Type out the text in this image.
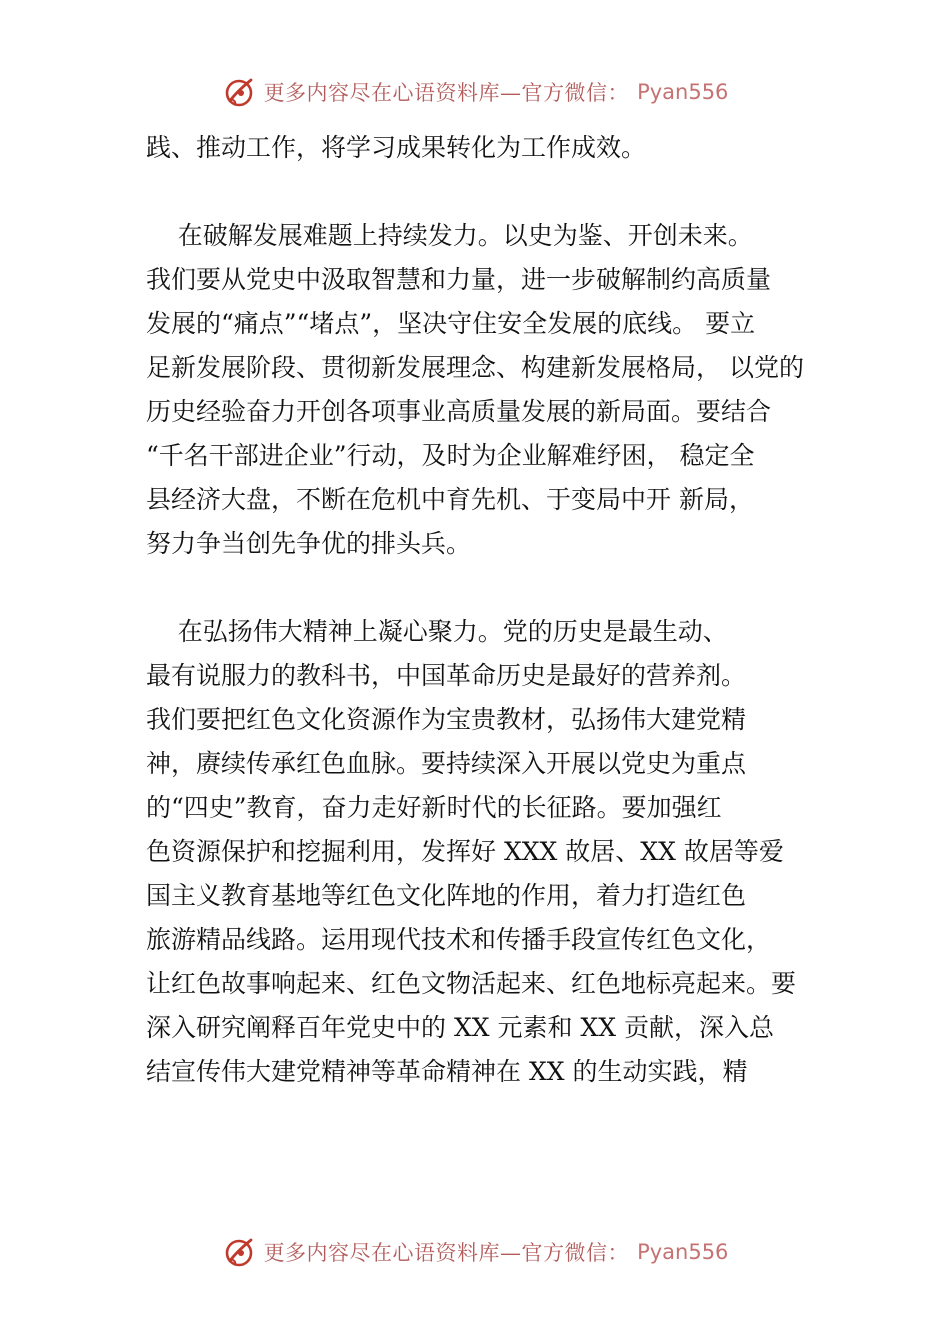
更多内容尽在心语资料库—官方微信： Pyan556
践、推动工作，将学习成果转化为工作成效。
在破解发展难题上持续发力。以史为鉴、开创未来。
我们要从党史中汲取智慧和力量，进一步破解制约高质量
发展的“痛点”“堵点”，坚决守住安全发展的底线。 要立
足新发展阶段、贯彻新发展理念、构建新发展格局， 以党的
历史经验奋力开创各项事业高质量发展的新局面。要结合
“千名干部进企业”行动，及时为企业解难纾困， 稳定全
县经济大盘，不断在危机中育先机、于变局中开 新局，
努力争当创先争优的排头兵。
在弘扬伟大精神上凝心聚力。党的历史是最生动、
最有说服力的教科书，中国革命历史是最好的营养剂。
我们要把红色文化资源作为宝贵教材，弘扬伟大建党精
神，赓续传承红色血脉。要持续深入开展以党史为重点
的“四史”教育，奋力走好新时代的长征路。要加强红
色资源保护和挖掘利用，发挥好 XXX 故居、XX 故居等爱
国主义教育基地等红色文化阵地的作用，着力打造红色
旅游精品线路。运用现代技术和传播手段宣传红色文化，
让红色故事响起来、红色文物活起来、红色地标亮起来。要
深入研究阐释百年党史中的 XX 元素和 XX 贡献，深入总
结宣传伟大建党精神等革命精神在 XX 的生动实践，精
更多内容尽在心语资料库—官方微信： Pyan556
